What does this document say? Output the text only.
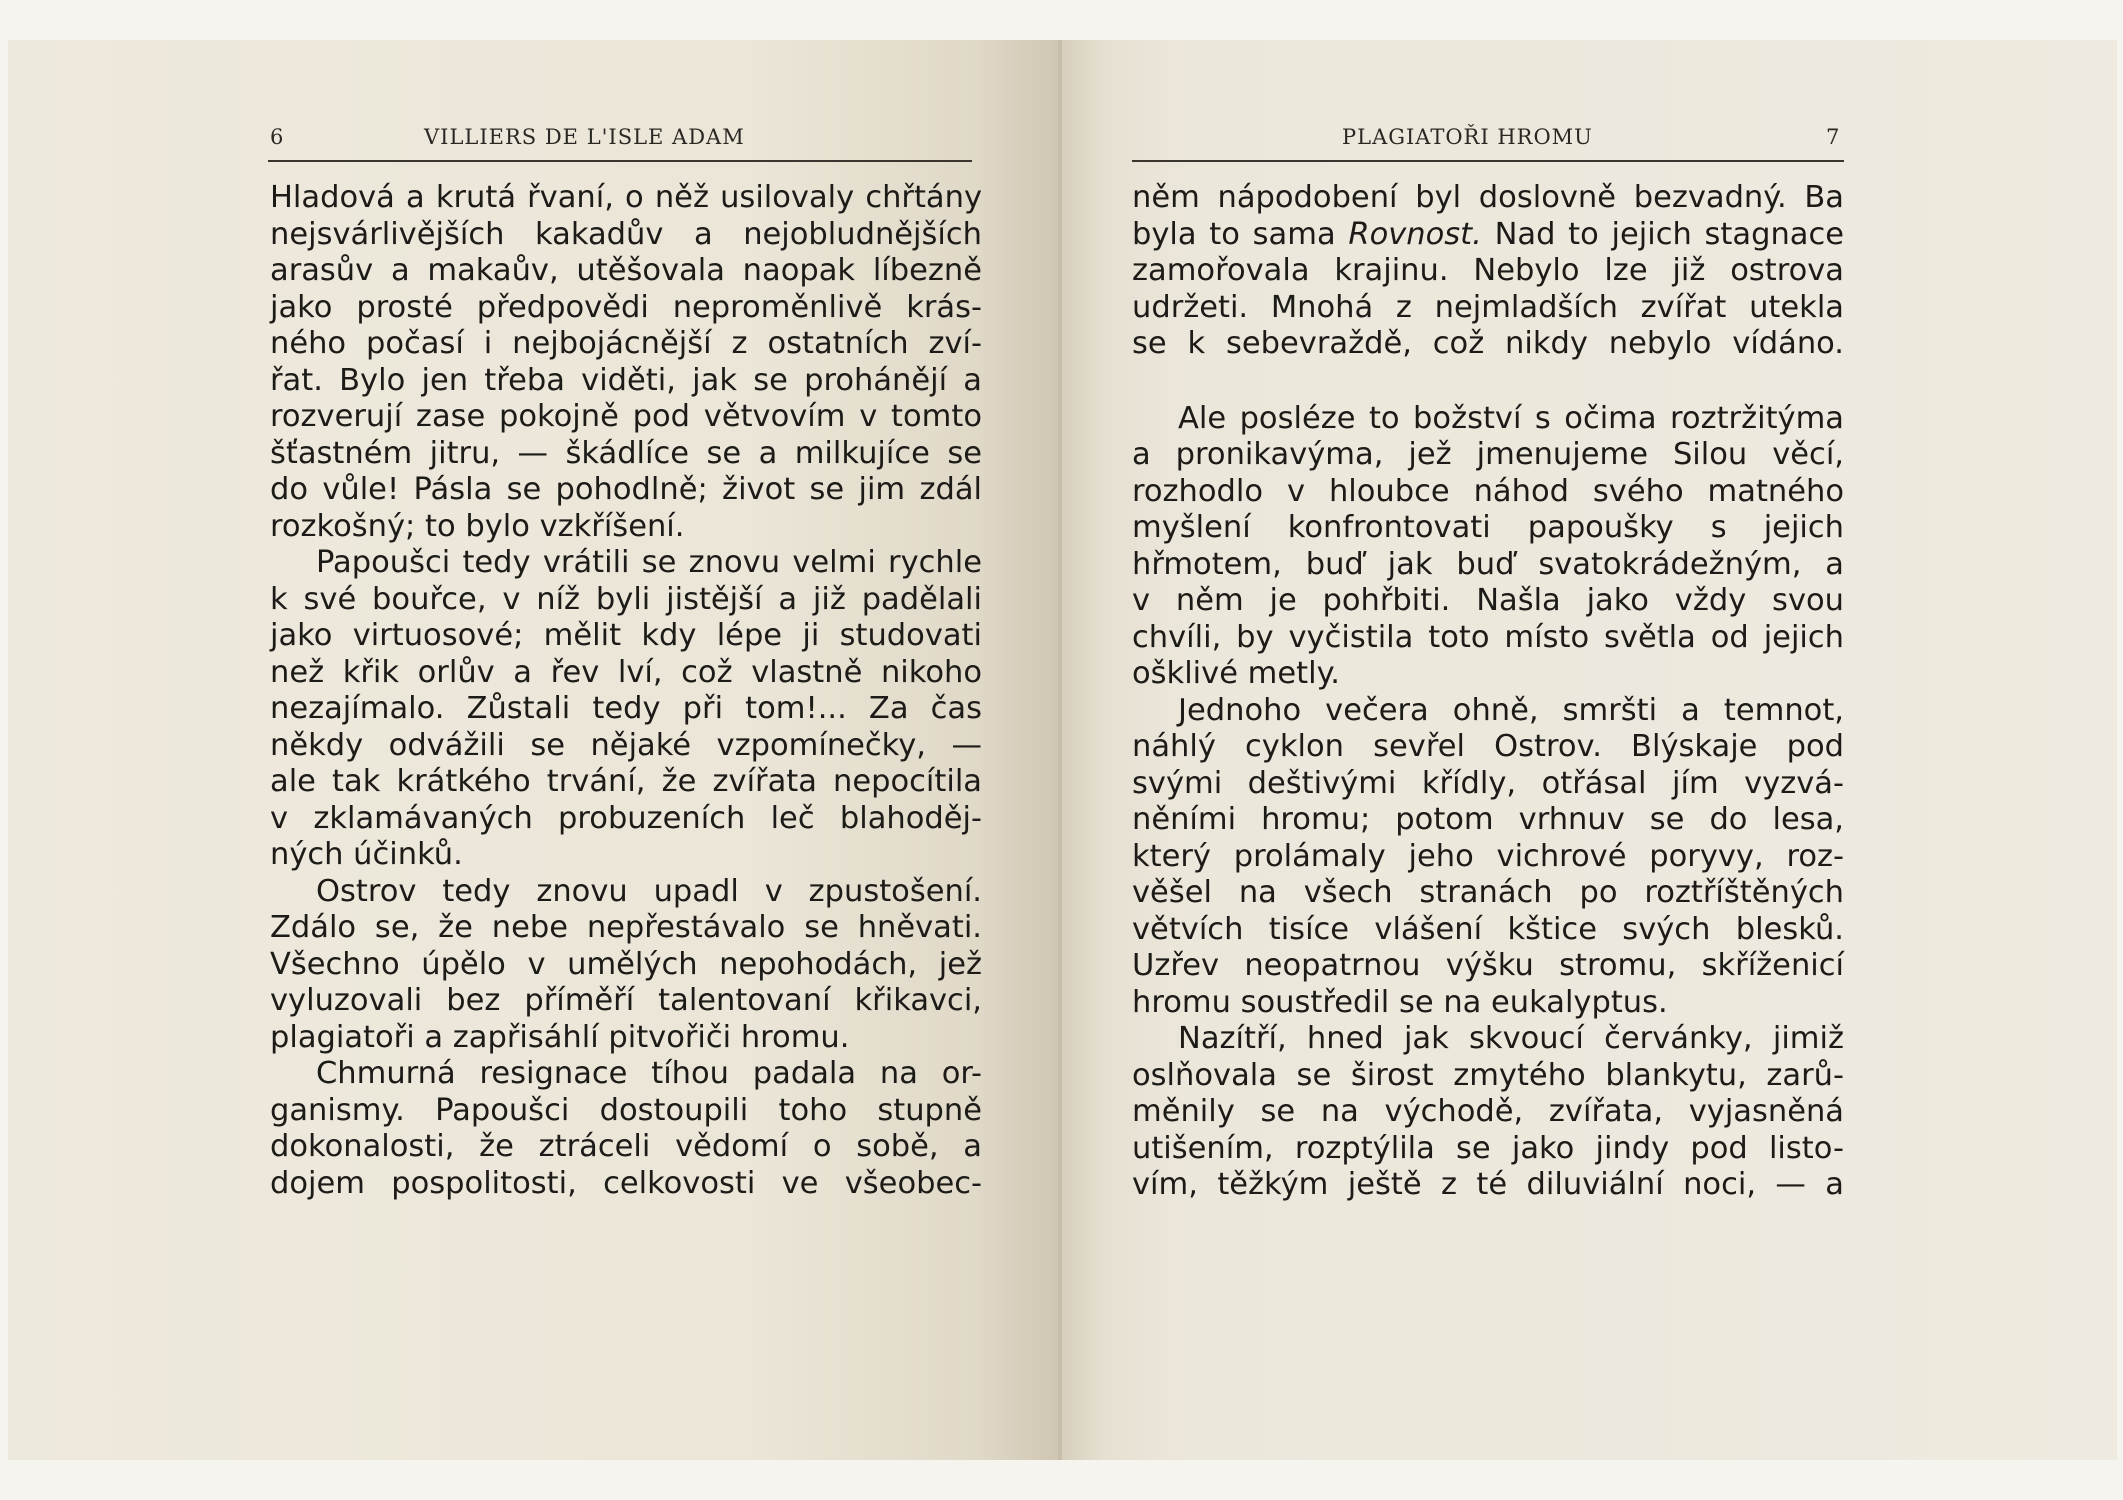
6	VILLIERS DE L'ISLE ADAM	PLAGIATOŘI HROMU	7
Hladová a krutá řvaní, o něž usilovaly chřtány
nejsvárlivějších kakadův a nejobludnějších
arasův a makaův, utěšovala naopak líbezně
jako prosté předpovědi neproměnlivě krás-
ného počasí i nejbojácnější z ostatních zví-
řat. Bylo jen třeba viděti, jak se prohánějí a
rozverují zase pokojně pod větvovím v tomto
šťastném jitru, — škádlíce se a milkujíce se
do vůle! Pásla se pohodlně; život se jim zdál
rozkošný; to bylo vzkříšení.
Papoušci tedy vrátili se znovu velmi rychle
k své bouřce, v níž byli jistější a již padělali
jako virtuosové; mělit kdy lépe ji studovati
než křik orlův a řev lví, což vlastně nikoho
nezajímalo. Zůstali tedy při tom!... Za čas
někdy odvážili se nějaké vzpomínečky, —
ale tak krátkého trvání, že zvířata nepocítila
v zklamávaných probuzeních leč blahoděj-
ných účinků.
Ostrov tedy znovu upadl v zpustošení.
Zdálo se, že nebe nepřestávalo se hněvati.
Všechno úpělo v umělých nepohodách, jež
vyluzovali bez příměří talentovaní křikavci,
plagiatoři a zapřisáhlí pitvořiči hromu.
Chmurná resignace tíhou padala na or-
ganismy. Papoušci dostoupili toho stupně
dokonalosti, že ztráceli vědomí o sobě, a
dojem pospolitosti, celkovosti ve všeobec-
něm nápodobení byl doslovně bezvadný. Ba
byla to sama Rovnost. Nad to jejich stagnace
zamořovala krajinu. Nebylo lze již ostrova
udržeti. Mnohá z nejmladších zvířat utekla
se k sebevraždě, což nikdy nebylo vídáno.
Ale posléze to božství s očima roztržitýma
a pronikavýma, jež jmenujeme Silou věcí,
rozhodlo v hloubce náhod svého matného
myšlení konfrontovati papoušky s jejich
hřmotem, buď jak buď svatokrádežným, a
v něm je pohřbiti. Našla jako vždy svou
chvíli, by vyčistila toto místo světla od jejich
ošklivé metly.
Jednoho večera ohně, smršti a temnot,
náhlý cyklon sevřel Ostrov. Blýskaje pod
svými deštivými křídly, otřásal jím vyzvá-
něními hromu; potom vrhnuv se do lesa,
který prolámaly jeho vichrové poryvy, roz-
věšel na všech stranách po roztříštěných
větvích tisíce vlášení kštice svých blesků.
Uzřev neopatrnou výšku stromu, skříženicí
hromu soustředil se na eukalyptus.
Nazítří, hned jak skvoucí červánky, jimiž
oslňovala se širost zmytého blankytu, zarů-
měnily se na východě, zvířata, vyjasněná
utišením, rozptýlila se jako jindy pod listo-
vím, těžkým ještě z té diluviální noci, — a
